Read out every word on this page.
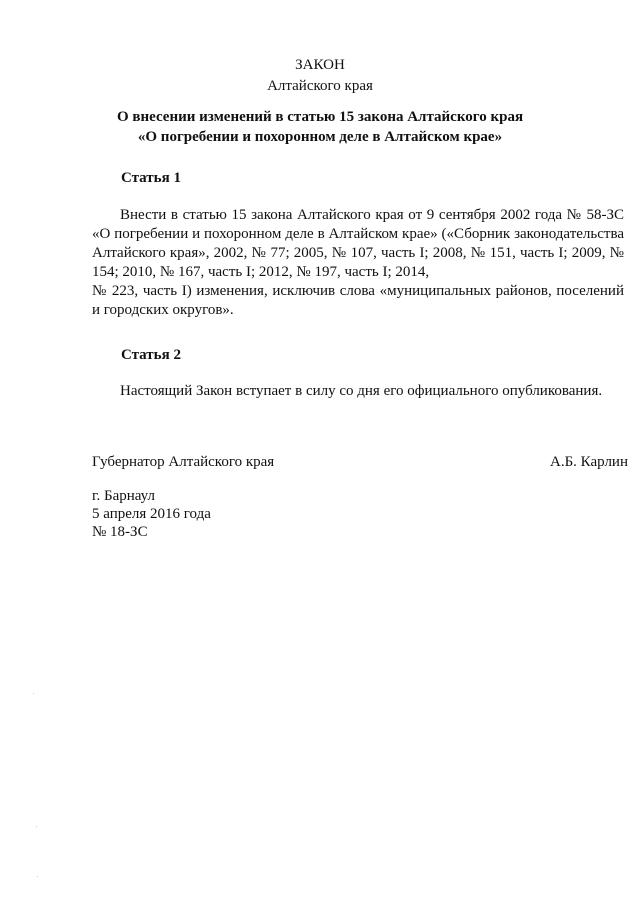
ЗАКОН
Алтайского края
О внесении изменений в статью 15 закона Алтайского края
«О погребении и похоронном деле в Алтайском крае»
Статья 1

Внести в статью 15 закона Алтайского края от 9 сентября 2002 года № 58-ЗС «О погребении и похоронном деле в Алтайском крае» («Сборник законодательства Алтайского края», 2002, № 77; 2005, № 107, часть I; 2008, № 151, часть I; 2009, № 154; 2010, № 167, часть I; 2012, № 197, часть I; 2014,

№ 223, часть I) изменения, исключив слова «муниципальных районов, поселений и городских округов».

Статья 2

Настоящий Закон вступает в силу со дня его официального опубликования.

Губернатор Алтайского края	А.Б. Карлин
г. Барнаул
5 апреля 2016 года
№ 18-ЗС
